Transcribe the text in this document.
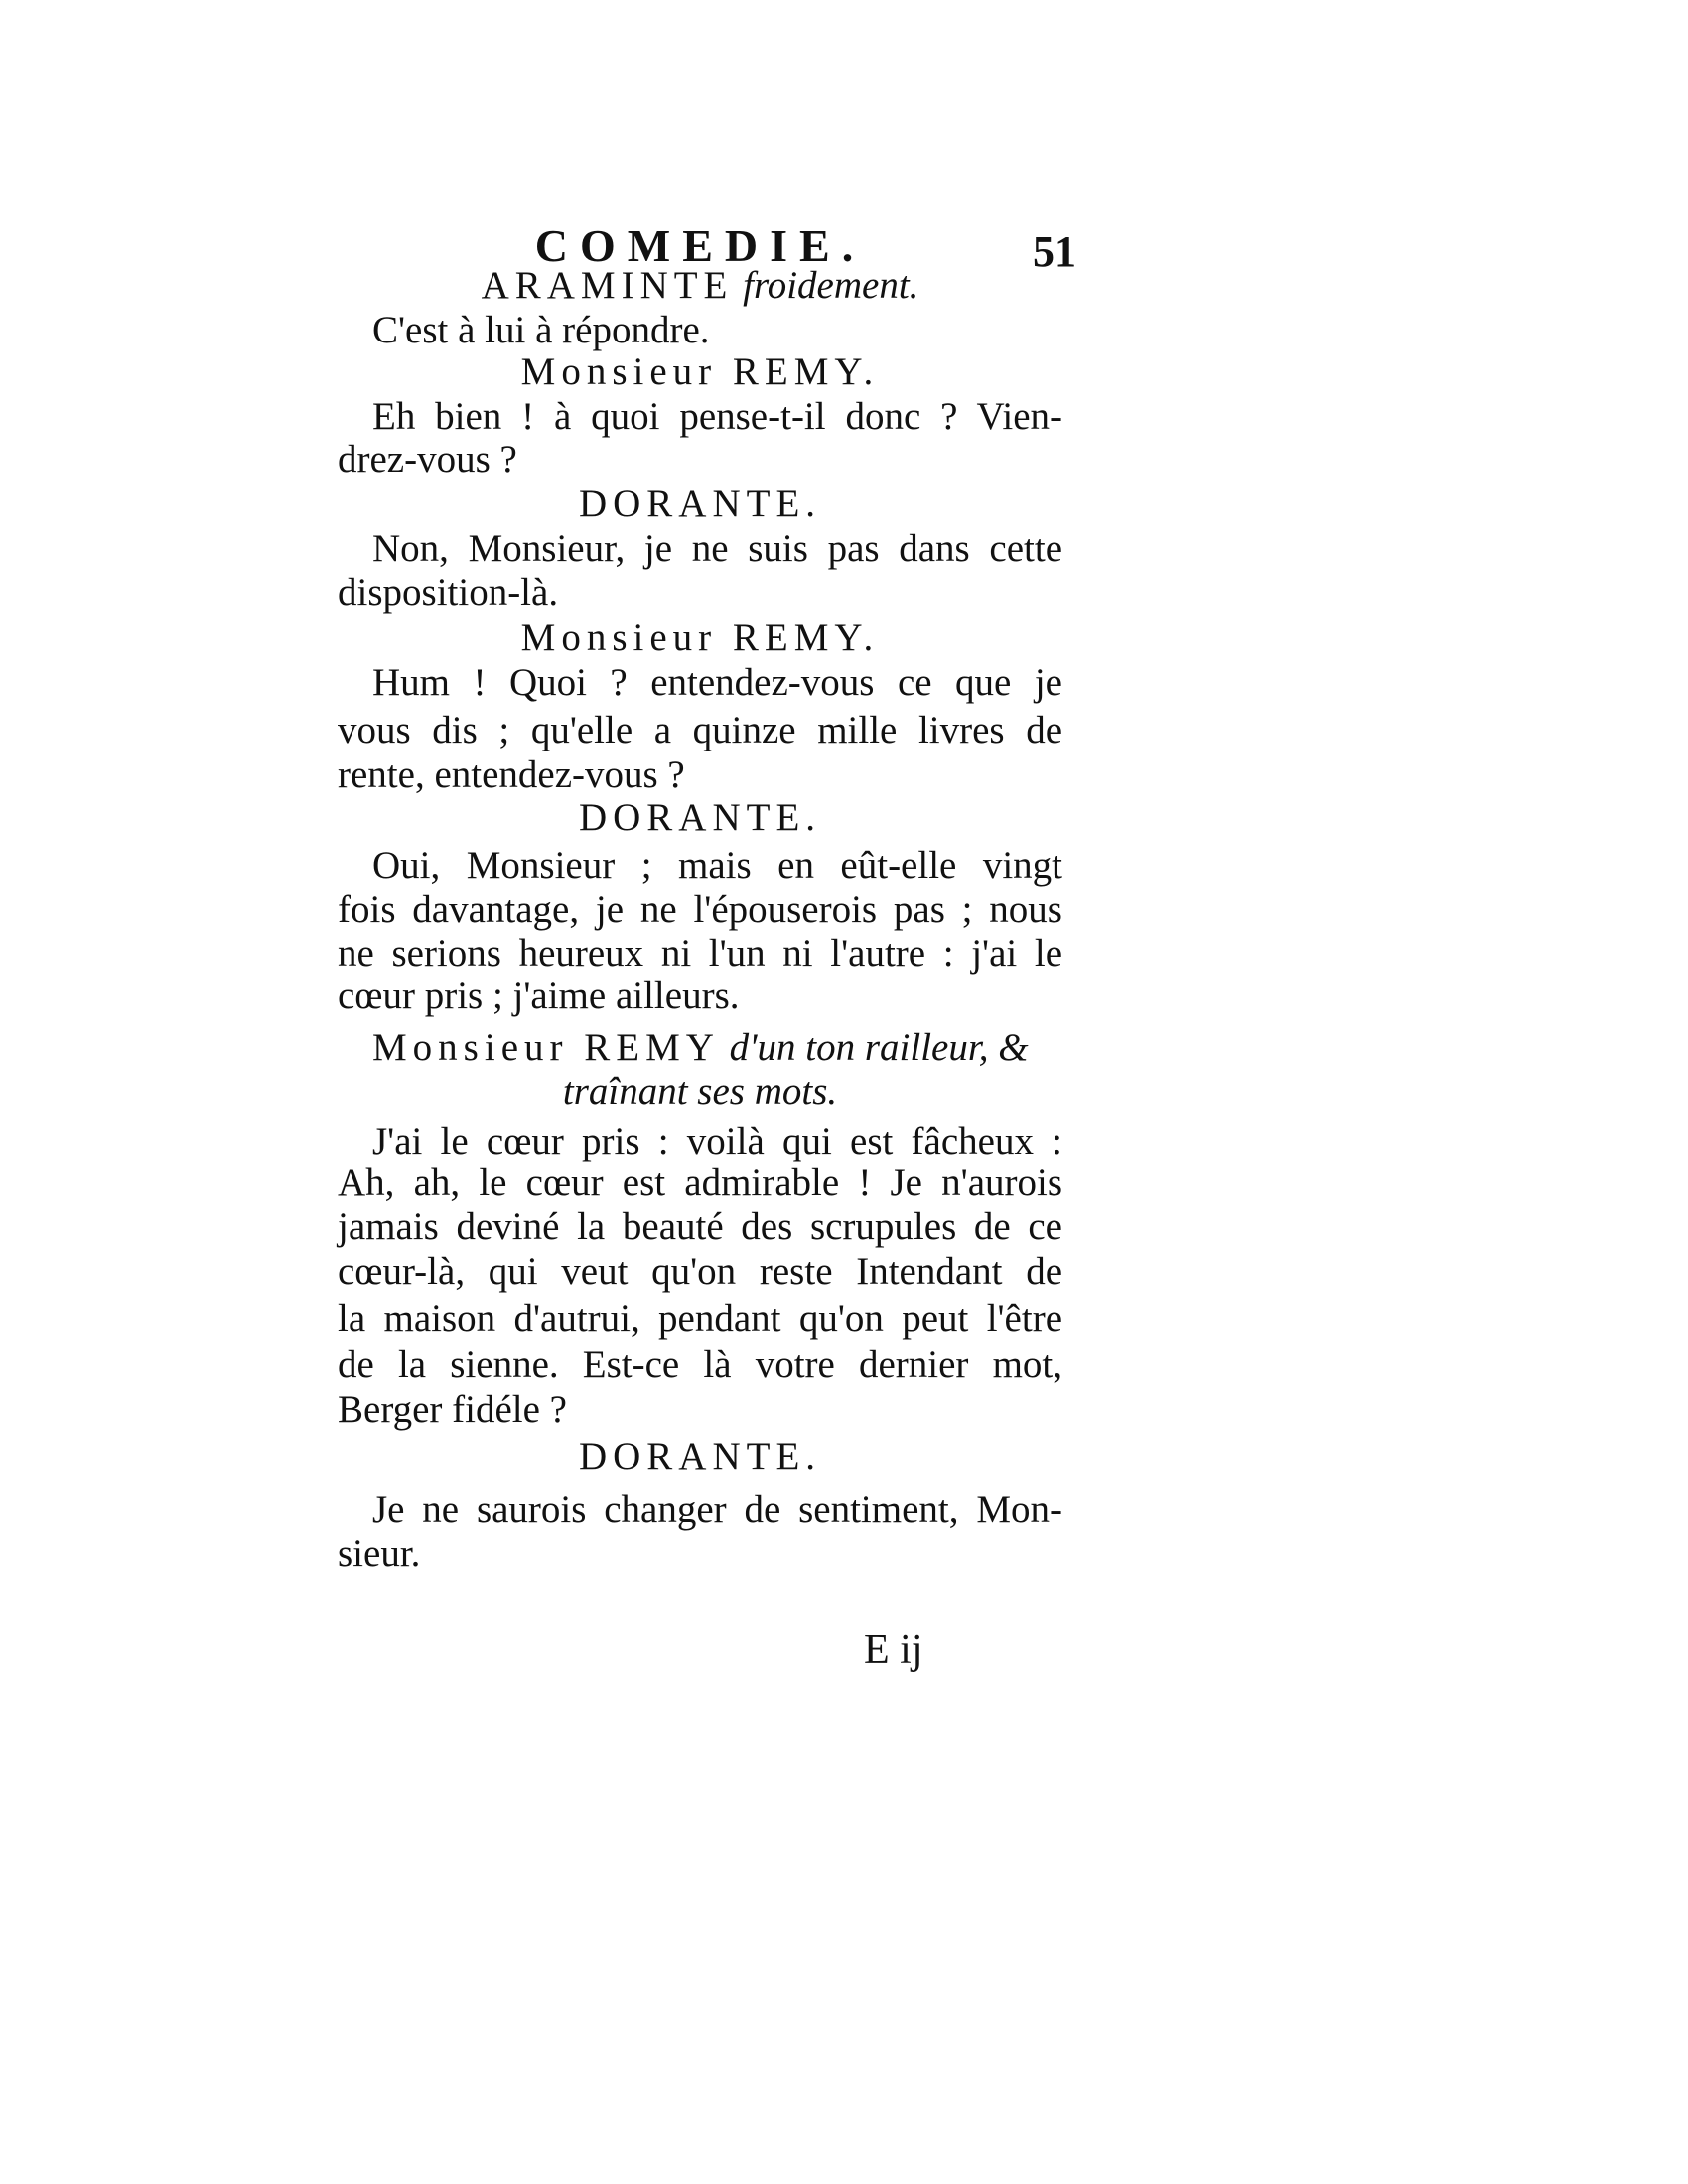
COMEDIE.	51
ARAMINTE froidement.
C'est à lui à répondre.
Monsieur REMY.
Eh bien ! à quoi pense-t-il donc ? Vien-
drez-vous ?
DORANTE.
Non, Monsieur, je ne suis pas dans cette
disposition-là.
Monsieur REMY.
Hum ! Quoi ? entendez-vous ce que je
vous dis ; qu'elle a quinze mille livres de
rente, entendez-vous ?
DORANTE.
Oui, Monsieur ; mais en eût-elle vingt
fois davantage, je ne l'épouserois pas ; nous
ne serions heureux ni l'un ni l'autre : j'ai le
cœur pris ; j'aime ailleurs.
Monsieur REMY d'un ton railleur, &
traînant ses mots.
J'ai le cœur pris : voilà qui est fâcheux :
Ah, ah, le cœur est admirable ! Je n'aurois
jamais deviné la beauté des scrupules de ce
cœur-là, qui veut qu'on reste Intendant de
la maison d'autrui, pendant qu'on peut l'être
de la sienne. Est-ce là votre dernier mot,
Berger fidéle ?
DORANTE.
Je ne saurois changer de sentiment, Mon-
sieur.
E ij
